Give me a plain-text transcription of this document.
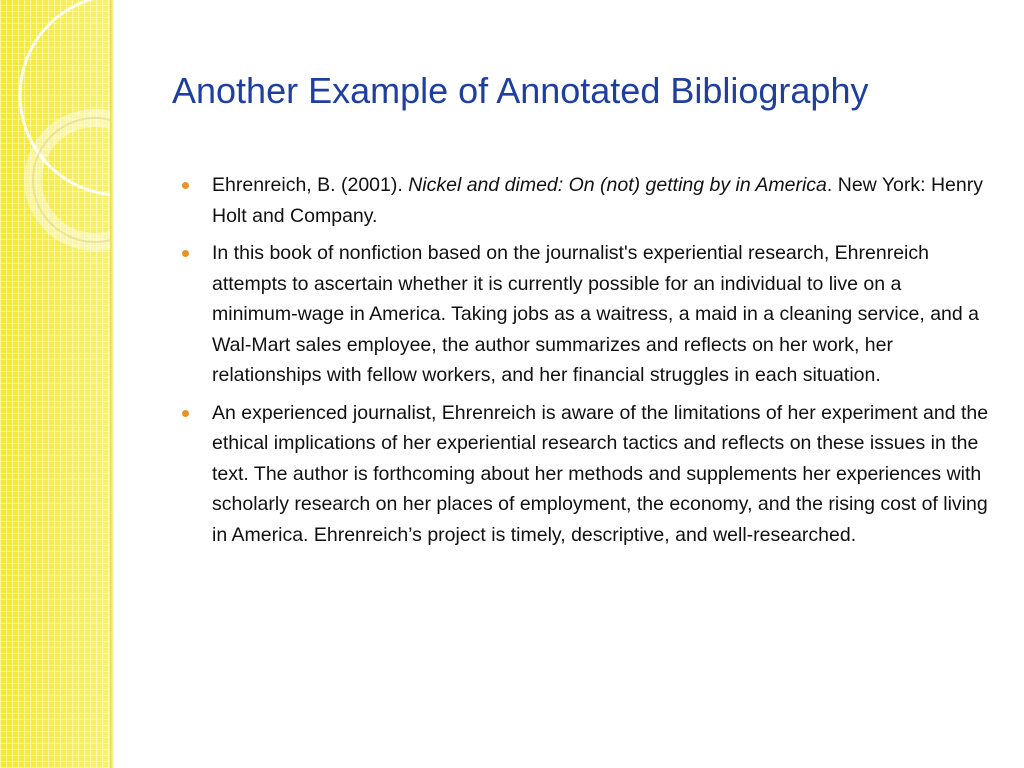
Another Example of Annotated Bibliography
Ehrenreich, B. (2001). Nickel and dimed: On (not) getting by in America. New York: Henry Holt and Company.
In this book of nonfiction based on the journalist's experiential research, Ehrenreich attempts to ascertain whether it is currently possible for an individual to live on a minimum-wage in America. Taking jobs as a waitress, a maid in a cleaning service, and a Wal-Mart sales employee, the author summarizes and reflects on her work, her relationships with fellow workers, and her financial struggles in each situation.
An experienced journalist, Ehrenreich is aware of the limitations of her experiment and the ethical implications of her experiential research tactics and reflects on these issues in the text. The author is forthcoming about her methods and supplements her experiences with scholarly research on her places of employment, the economy, and the rising cost of living in America. Ehrenreich’s project is timely, descriptive, and well-researched.
